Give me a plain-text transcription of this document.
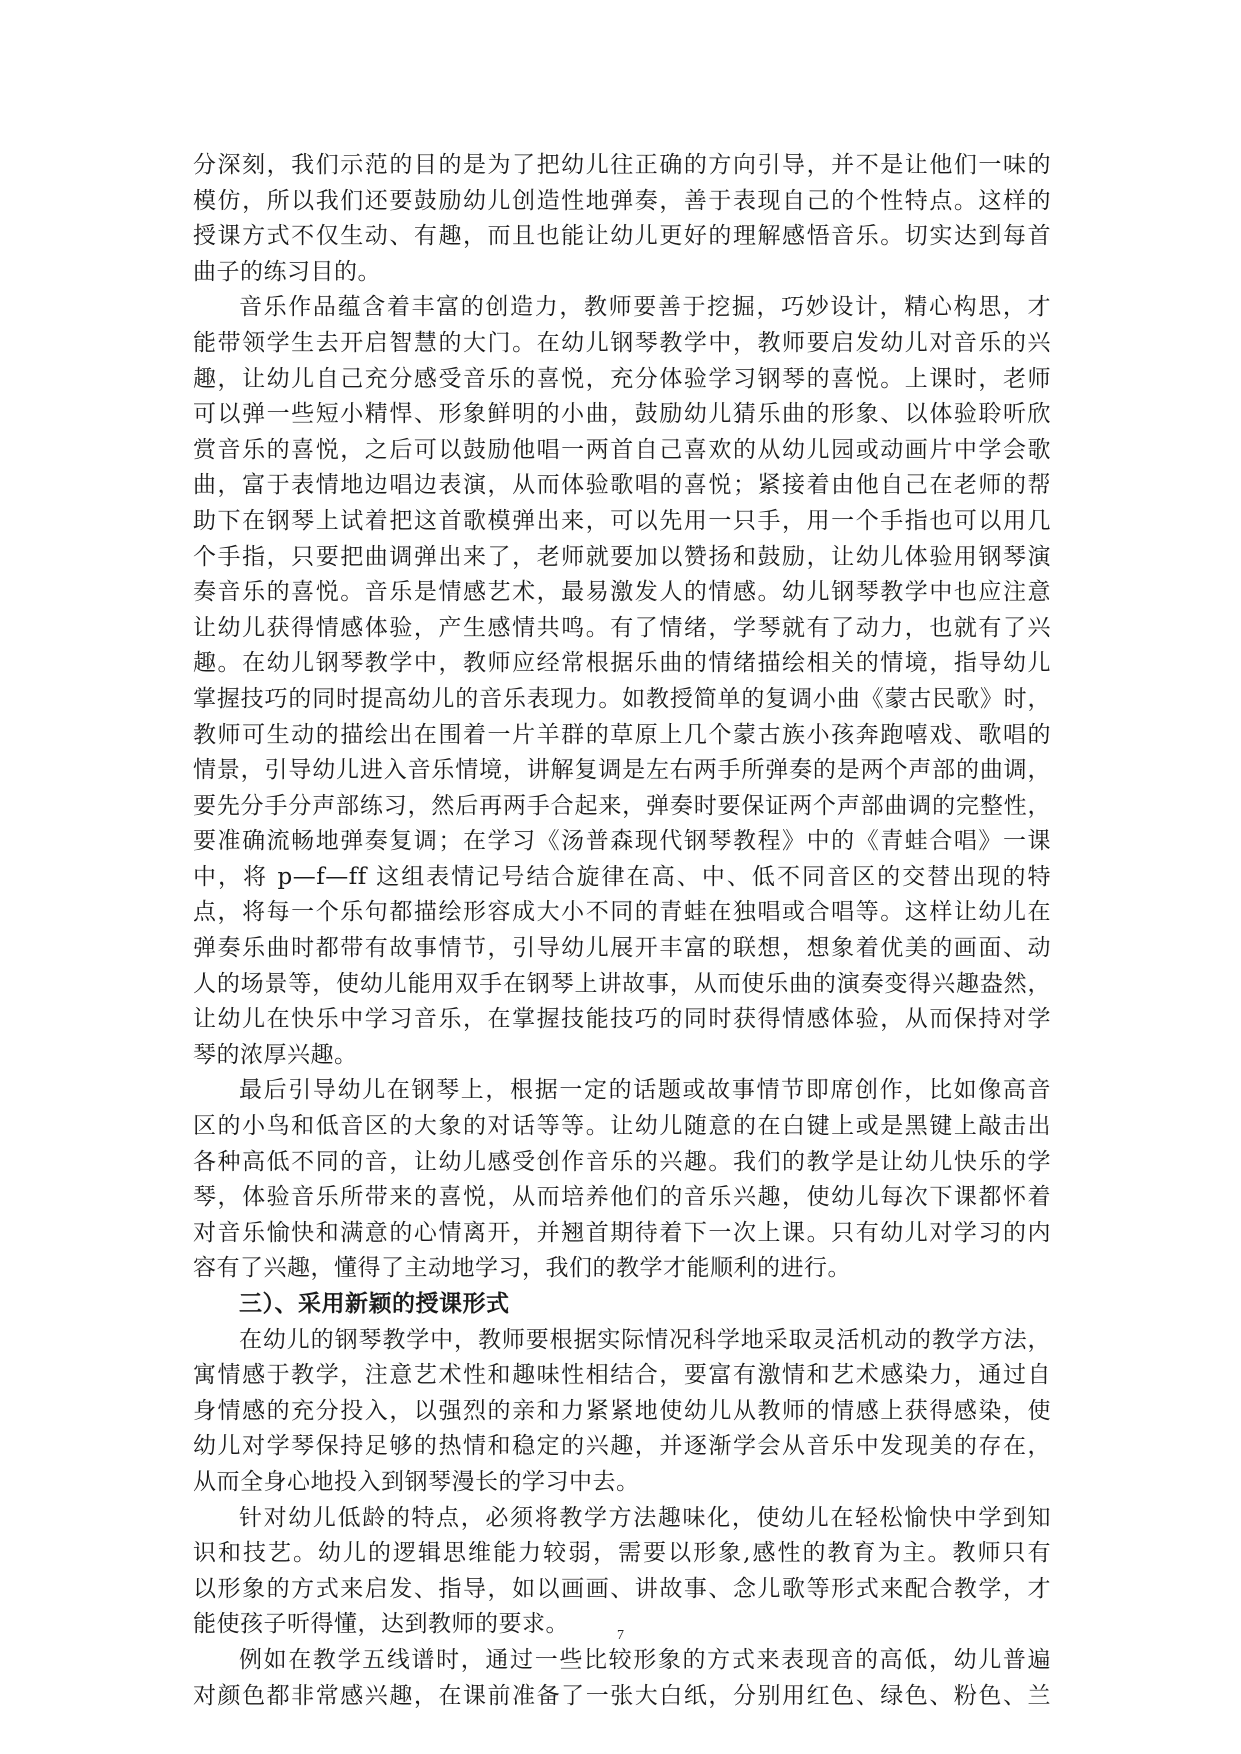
分深刻，我们示范的目的是为了把幼儿往正确的方向引导，并不是让他们一味的
模仿，所以我们还要鼓励幼儿创造性地弹奏，善于表现自己的个性特点。这样的
授课方式不仅生动、有趣，而且也能让幼儿更好的理解感悟音乐。切实达到每首
曲子的练习目的。
音乐作品蕴含着丰富的创造力，教师要善于挖掘，巧妙设计，精心构思，才
能带领学生去开启智慧的大门。在幼儿钢琴教学中，教师要启发幼儿对音乐的兴
趣，让幼儿自己充分感受音乐的喜悦，充分体验学习钢琴的喜悦。上课时，老师
可以弹一些短小精悍、形象鲜明的小曲，鼓励幼儿猜乐曲的形象、以体验聆听欣
赏音乐的喜悦，之后可以鼓励他唱一两首自己喜欢的从幼儿园或动画片中学会歌
曲，富于表情地边唱边表演，从而体验歌唱的喜悦；紧接着由他自己在老师的帮
助下在钢琴上试着把这首歌模弹出来，可以先用一只手，用一个手指也可以用几
个手指，只要把曲调弹出来了，老师就要加以赞扬和鼓励，让幼儿体验用钢琴演
奏音乐的喜悦。音乐是情感艺术，最易激发人的情感。幼儿钢琴教学中也应注意
让幼儿获得情感体验，产生感情共鸣。有了情绪，学琴就有了动力，也就有了兴
趣。在幼儿钢琴教学中，教师应经常根据乐曲的情绪描绘相关的情境，指导幼儿
掌握技巧的同时提高幼儿的音乐表现力。如教授简单的复调小曲《蒙古民歌》时，
教师可生动的描绘出在围着一片羊群的草原上几个蒙古族小孩奔跑嘻戏、歌唱的
情景，引导幼儿进入音乐情境，讲解复调是左右两手所弹奏的是两个声部的曲调，
要先分手分声部练习，然后再两手合起来，弹奏时要保证两个声部曲调的完整性，
要准确流畅地弹奏复调；在学习《汤普森现代钢琴教程》中的《青蛙合唱》一课
中，将 p—f—ff 这组表情记号结合旋律在高、中、低不同音区的交替出现的特
点，将每一个乐句都描绘形容成大小不同的青蛙在独唱或合唱等。这样让幼儿在
弹奏乐曲时都带有故事情节，引导幼儿展开丰富的联想，想象着优美的画面、动
人的场景等，使幼儿能用双手在钢琴上讲故事，从而使乐曲的演奏变得兴趣盎然，
让幼儿在快乐中学习音乐，在掌握技能技巧的同时获得情感体验，从而保持对学
琴的浓厚兴趣。
最后引导幼儿在钢琴上，根据一定的话题或故事情节即席创作，比如像高音
区的小鸟和低音区的大象的对话等等。让幼儿随意的在白键上或是黑键上敲击出
各种高低不同的音，让幼儿感受创作音乐的兴趣。我们的教学是让幼儿快乐的学
琴，体验音乐所带来的喜悦，从而培养他们的音乐兴趣，使幼儿每次下课都怀着
对音乐愉快和满意的心情离开，并翘首期待着下一次上课。只有幼儿对学习的内
容有了兴趣，懂得了主动地学习，我们的教学才能顺利的进行。
三）、采用新颖的授课形式
在幼儿的钢琴教学中，教师要根据实际情况科学地采取灵活机动的教学方法，
寓情感于教学，注意艺术性和趣味性相结合，要富有激情和艺术感染力，通过自
身情感的充分投入，以强烈的亲和力紧紧地使幼儿从教师的情感上获得感染，使
幼儿对学琴保持足够的热情和稳定的兴趣，并逐渐学会从音乐中发现美的存在，
从而全身心地投入到钢琴漫长的学习中去。
针对幼儿低龄的特点，必须将教学方法趣味化，使幼儿在轻松愉快中学到知
识和技艺。幼儿的逻辑思维能力较弱，需要以形象,感性的教育为主。教师只有
以形象的方式来启发、指导，如以画画、讲故事、念儿歌等形式来配合教学，才
能使孩子听得懂，达到教师的要求。
例如在教学五线谱时，通过一些比较形象的方式来表现音的高低，幼儿普遍
对颜色都非常感兴趣，在课前准备了一张大白纸，分别用红色、绿色、粉色、兰
7
